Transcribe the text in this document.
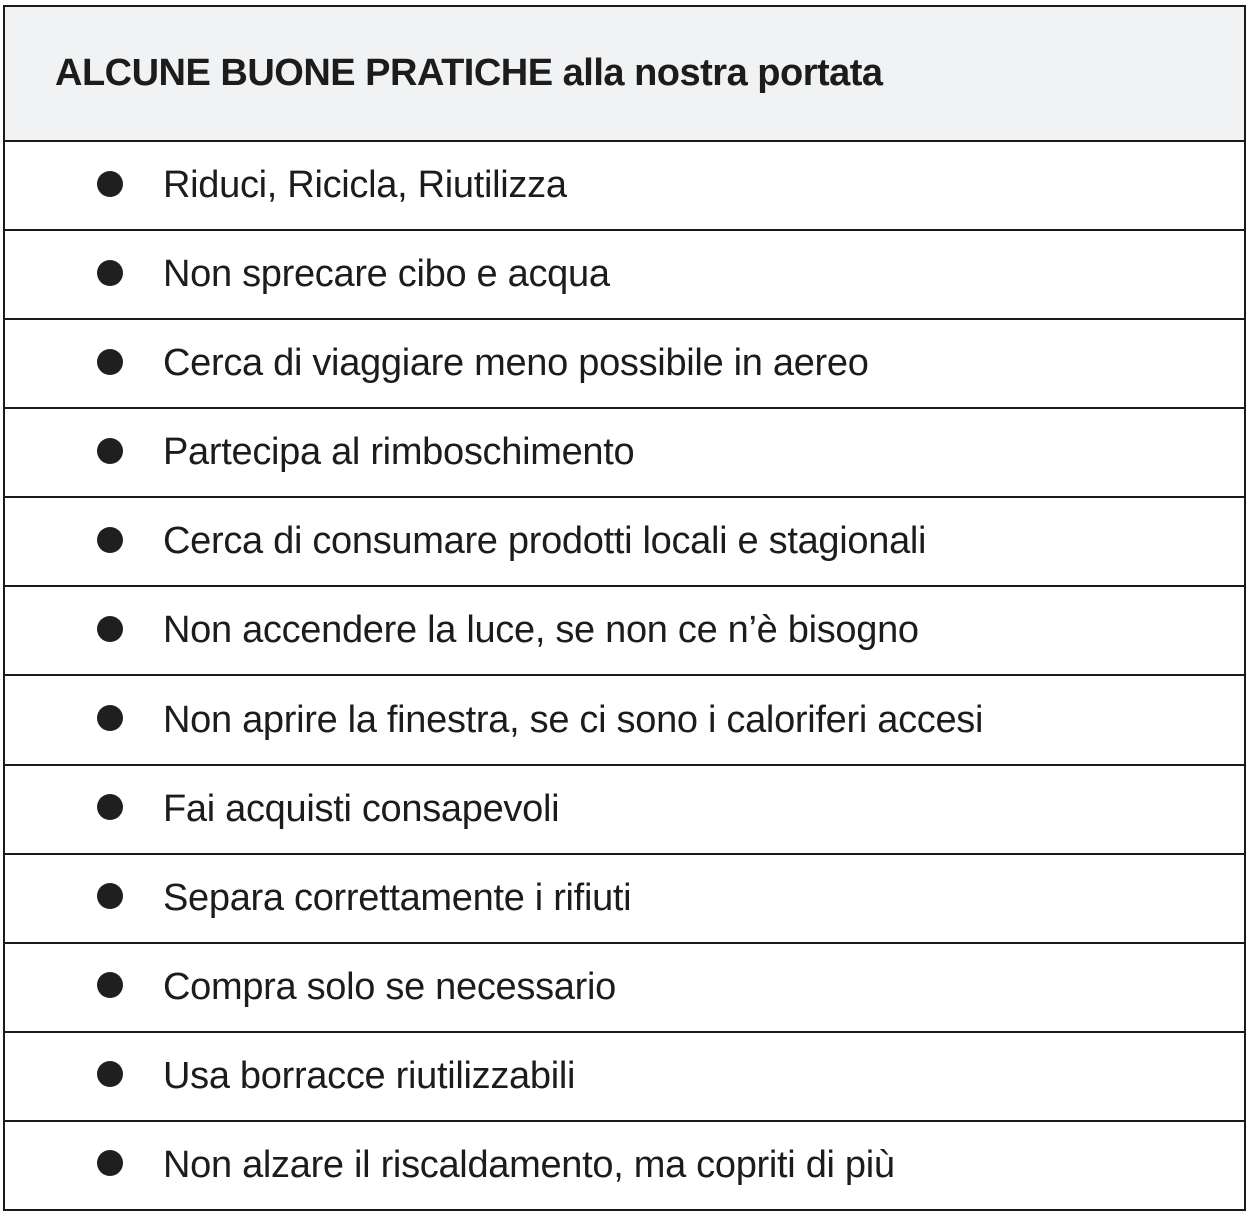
ALCUNE BUONE PRATICHE alla nostra portata
Riduci, Ricicla, Riutilizza
Non sprecare cibo e acqua
Cerca di viaggiare meno possibile in aereo
Partecipa al rimboschimento
Cerca di consumare prodotti locali e stagionali
Non accendere la luce, se non ce n’è bisogno
Non aprire la finestra, se ci sono i caloriferi accesi
Fai acquisti consapevoli
Separa correttamente i rifiuti
Compra solo se necessario
Usa borracce riutilizzabili
Non alzare il riscaldamento, ma copriti di più
